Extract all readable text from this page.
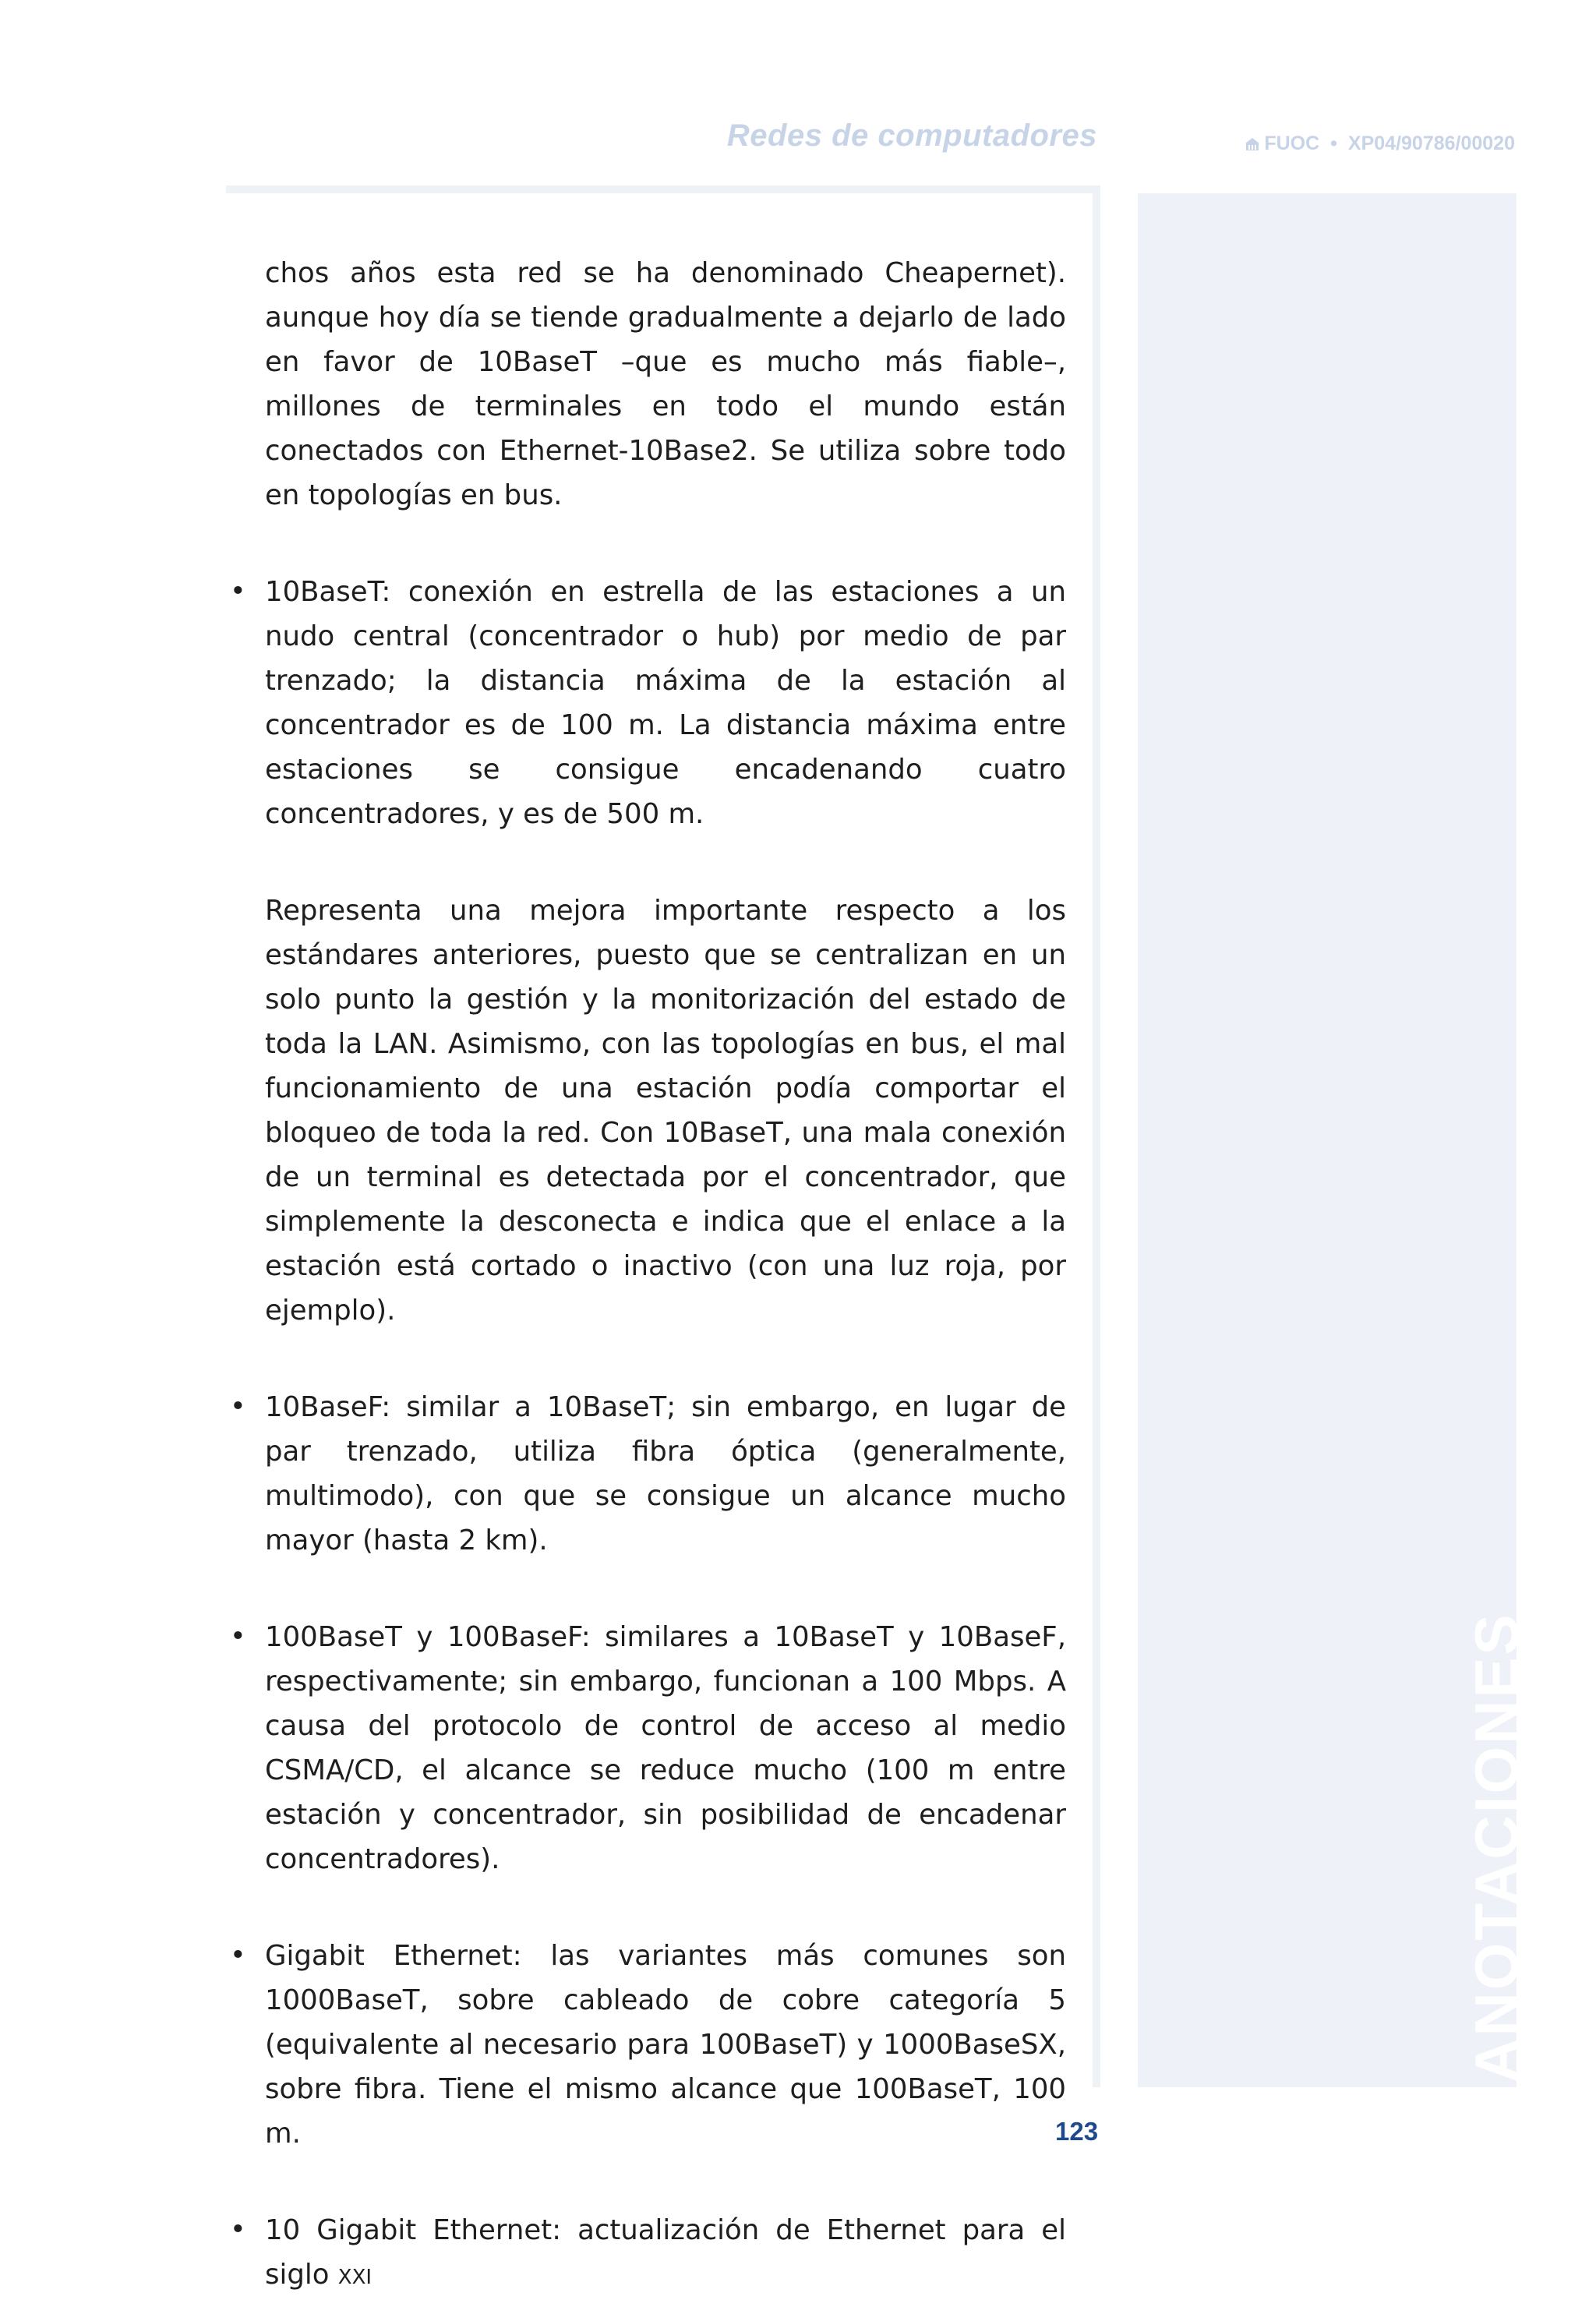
Redes de computadores	FUOC • XP04/90786/00020
ANOTACIONES

chos años esta red se ha denominado Cheapernet). aunque hoy día se tiende gradualmente a dejarlo de lado en favor de 10BaseT –que es mucho más fiable–, millones de terminales en todo el mundo están conectados con Ethernet-10Base2. Se utiliza sobre todo en topologías en bus.

• 10BaseT: conexión en estrella de las estaciones a un nudo central (concentrador o hub) por medio de par trenzado; la distancia máxima de la estación al concentrador es de 100 m. La distancia máxima entre estaciones se consigue encadenando cuatro concentradores, y es de 500 m.

Representa una mejora importante respecto a los estándares anteriores, puesto que se centralizan en un solo punto la gestión y la monitorización del estado de toda la LAN. Asimismo, con las topologías en bus, el mal funcionamiento de una estación podía comportar el bloqueo de toda la red. Con 10BaseT, una mala conexión de un terminal es detectada por el concentrador, que simplemente la desconecta e indica que el enlace a la estación está cortado o inactivo (con una luz roja, por ejemplo).

• 10BaseF: similar a 10BaseT; sin embargo, en lugar de par trenzado, utiliza fibra óptica (generalmente, multimodo), con que se consigue un alcance mucho mayor (hasta 2 km).

• 100BaseT y 100BaseF: similares a 10BaseT y 10BaseF, respectivamente; sin embargo, funcionan a 100 Mbps. A causa del protocolo de control de acceso al medio CSMA/CD, el alcance se reduce mucho (100 m entre estación y concentrador, sin posibilidad de encadenar concentradores).

• Gigabit Ethernet: las variantes más comunes son 1000BaseT, sobre cableado de cobre categoría 5 (equivalente al necesario para 100BaseT) y 1000BaseSX, sobre fibra. Tiene el mismo alcance que 100BaseT, 100 m.

• 10 Gigabit Ethernet: actualización de Ethernet para el siglo XXI

123
